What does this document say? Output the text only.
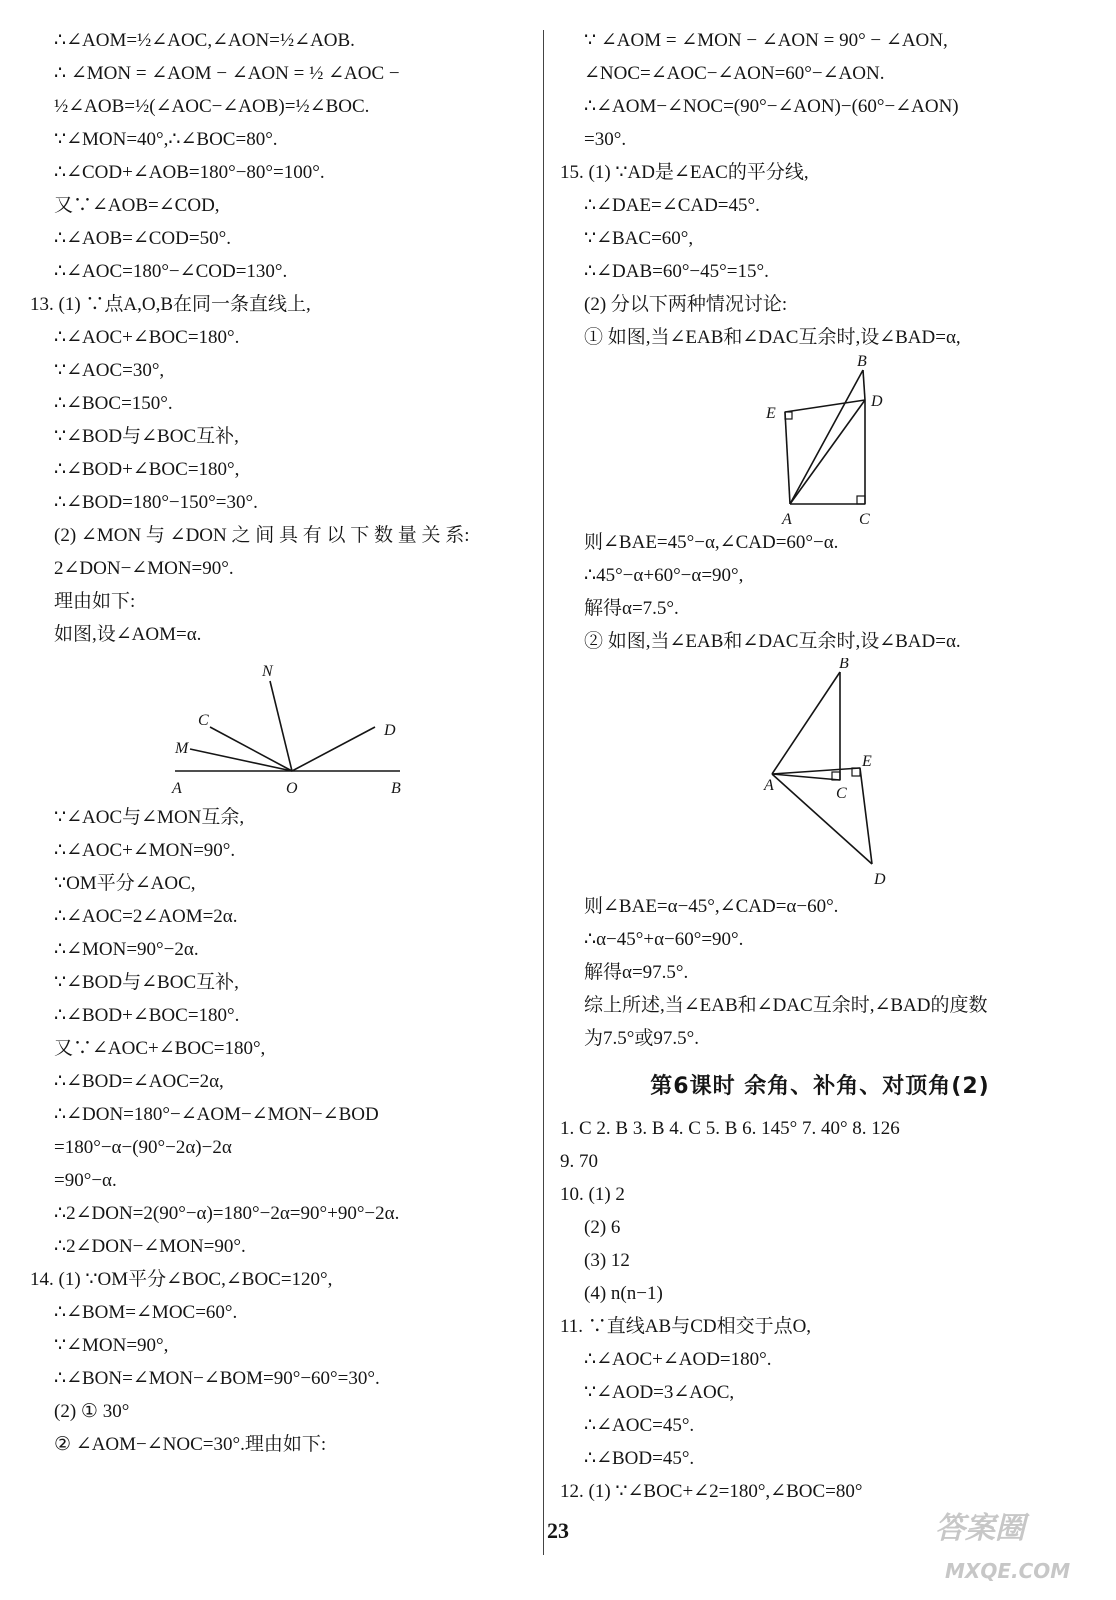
∴∠AOM=½∠AOC,∠AON=½∠AOB.
∴ ∠MON = ∠AOM − ∠AON = ½ ∠AOC −
½∠AOB=½(∠AOC−∠AOB)=½∠BOC.
∵∠MON=40°,∴∠BOC=80°.
∴∠COD+∠AOB=180°−80°=100°.
又∵∠AOB=∠COD,
∴∠AOB=∠COD=50°.
∴∠AOC=180°−∠COD=130°.
13. (1) ∵点A,O,B在同一条直线上,
∴∠AOC+∠BOC=180°.
∵∠AOC=30°,
∴∠BOC=150°.
∵∠BOD与∠BOC互补,
∴∠BOD+∠BOC=180°,
∴∠BOD=180°−150°=30°.
(2) ∠MON 与 ∠DON 之 间 具 有 以 下 数 量 关 系:
2∠DON−∠MON=90°.
理由如下:
如图,设∠AOM=α.
N
C
D
M
A	O	B
∵∠AOC与∠MON互余,
∴∠AOC+∠MON=90°.
∵OM平分∠AOC,
∴∠AOC=2∠AOM=2α.
∴∠MON=90°−2α.
∵∠BOD与∠BOC互补,
∴∠BOD+∠BOC=180°.
又∵∠AOC+∠BOC=180°,
∴∠BOD=∠AOC=2α,
∴∠DON=180°−∠AOM−∠MON−∠BOD
=180°−α−(90°−2α)−2α
=90°−α.
∴2∠DON=2(90°−α)=180°−2α=90°+90°−2α.
∴2∠DON−∠MON=90°.
14. (1) ∵OM平分∠BOC,∠BOC=120°,
∴∠BOM=∠MOC=60°.
∵∠MON=90°,
∴∠BON=∠MON−∠BOM=90°−60°=30°.
(2) ① 30°
② ∠AOM−∠NOC=30°.理由如下:
∵ ∠AOM = ∠MON − ∠AON = 90° − ∠AON,
∠NOC=∠AOC−∠AON=60°−∠AON.
∴∠AOM−∠NOC=(90°−∠AON)−(60°−∠AON)
=30°.
15. (1) ∵AD是∠EAC的平分线,
∴∠DAE=∠CAD=45°.
∵∠BAC=60°,
∴∠DAB=60°−45°=15°.
(2) 分以下两种情况讨论:
① 如图,当∠EAB和∠DAC互余时,设∠BAD=α,
B
E
D
A	C
则∠BAE=45°−α,∠CAD=60°−α.
∴45°−α+60°−α=90°,
解得α=7.5°.
② 如图,当∠EAB和∠DAC互余时,设∠BAD=α.
B
E
A	C
D
则∠BAE=α−45°,∠CAD=α−60°.
∴α−45°+α−60°=90°.
解得α=97.5°.
综上所述,当∠EAB和∠DAC互余时,∠BAD的度数
为7.5°或97.5°.
第6课时 余角、补角、对顶角(2)
1. C 2. B 3. B 4. C 5. B 6. 145° 7. 40° 8. 126
9. 70
10. (1) 2
(2) 6
(3) 12
(4) n(n−1)
11. ∵直线AB与CD相交于点O,
∴∠AOC+∠AOD=180°.
∵∠AOD=3∠AOC,
∴∠AOC=45°.
∴∠BOD=45°.
12. (1) ∵∠BOC+∠2=180°,∠BOC=80°
23	答案圈
MXQE.COM
